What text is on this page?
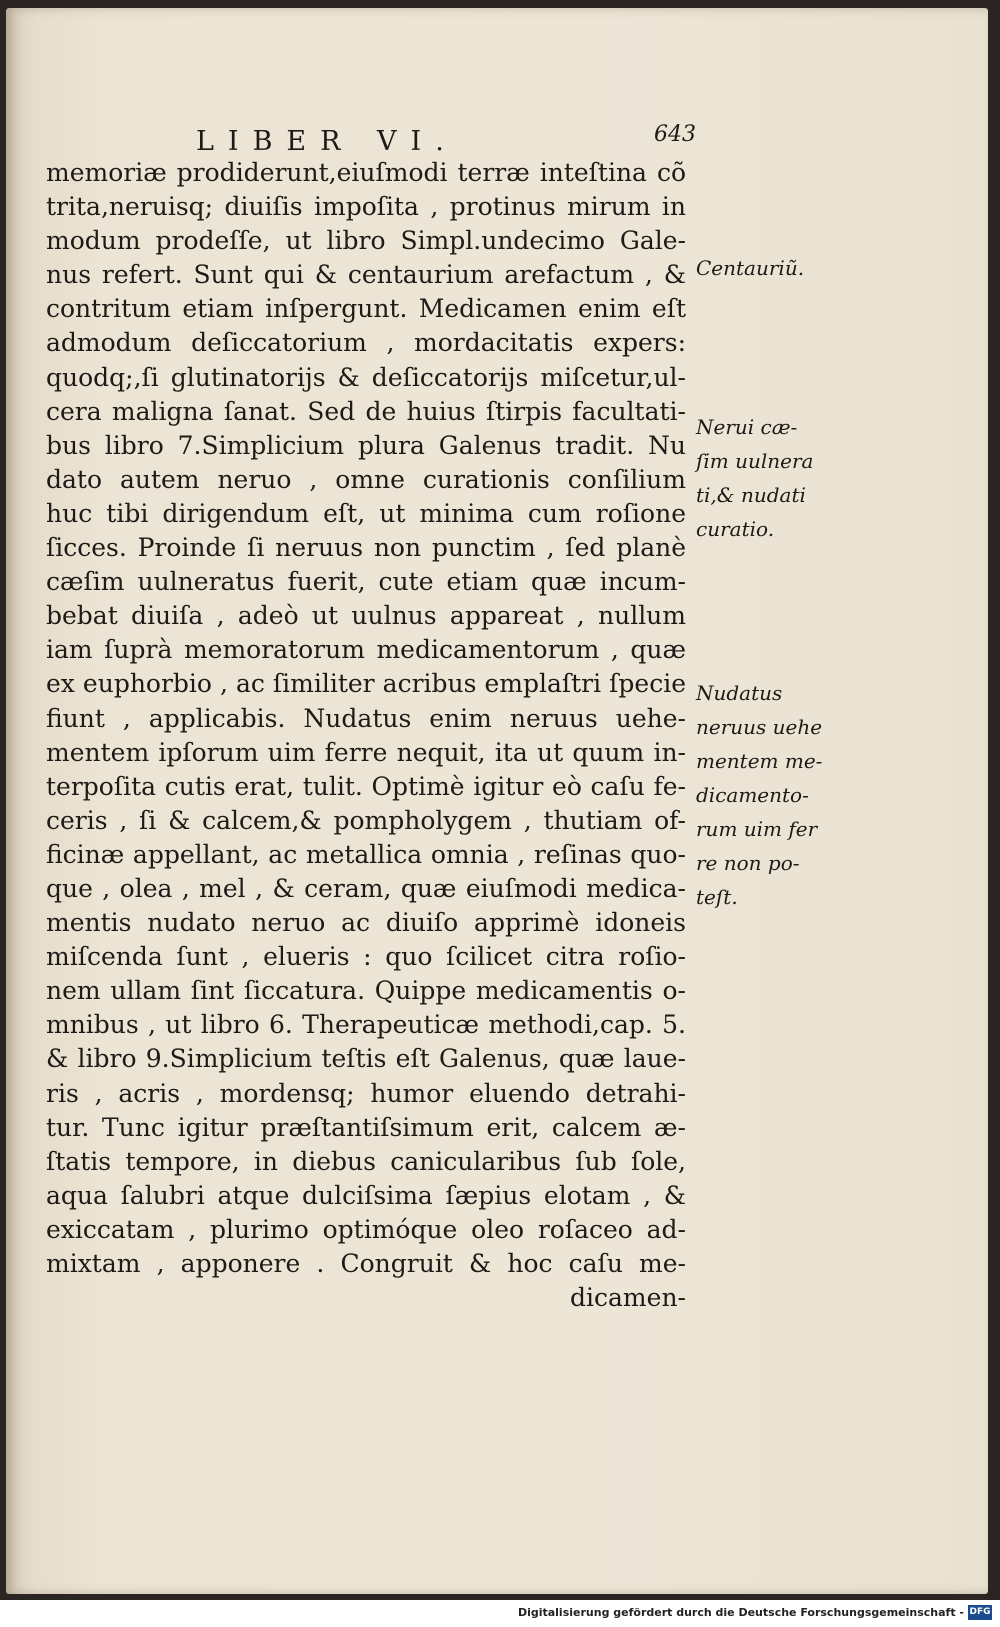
LIBER VI.	643
memoriæ prodiderunt,eiuſmodi terræ inteſtina cõ
trita,neruisq; diuiſis impoſita , protinus mirum in
modum prodeſſe, ut libro Simpl.undecimo Gale-
nus refert. Sunt qui & centaurium arefactum , &
contritum etiam inſpergunt. Medicamen enim eſt
admodum deſiccatorium , mordacitatis expers:
quodq;,ſi glutinatorijs & deſiccatorijs miſcetur,ul-
cera maligna ſanat. Sed de huius ſtirpis facultati-
bus libro 7.Simplicium plura Galenus tradit. Nu
dato autem neruo , omne curationis conſilium
huc tibi dirigendum eſt, ut minima cum roſione
ſicces. Proinde ſi neruus non punctim , ſed planè
cæſim uulneratus fuerit, cute etiam quæ incum-
bebat diuiſa , adeò ut uulnus appareat , nullum
iam ſuprà memoratorum medicamentorum , quæ
ex euphorbio , ac ſimiliter acribus emplaſtri ſpecie
fiunt , applicabis. Nudatus enim neruus uehe-
mentem ipſorum uim ferre nequit, ita ut quum in-
terpoſita cutis erat, tulit. Optimè igitur eò caſu fe-
ceris , ſi & calcem,& pompholygem , thutiam of-
ficinæ appellant, ac metallica omnia , reſinas quo-
que , olea , mel , & ceram, quæ eiuſmodi medica-
mentis nudato neruo ac diuiſo apprimè idoneis
miſcenda ſunt , elueris : quo ſcilicet citra roſio-
nem ullam ſint ſiccatura. Quippe medicamentis o-
mnibus , ut libro 6. Therapeuticæ methodi,cap. 5.
& libro 9.Simplicium teſtis eſt Galenus, quæ laue-
ris , acris , mordensq; humor eluendo detrahi-
tur. Tunc igitur præſtantiſsimum erit, calcem æ-
ſtatis tempore, in diebus canicularibus ſub ſole,
aqua ſalubri atque dulciſsima ſæpius elotam , &
exiccatam , plurimo optimóque oleo roſaceo ad-
mixtam , apponere . Congruit & hoc caſu me-
dicamen-
Centauriũ.
Nerui cæ-
ſim uulnera
ti,& nudati
curatio.
Nudatus
neruus uehe
mentem me-
dicamento-
rum uim fer
re non po-
teſt.
Digitalisierung gefördert durch die Deutsche Forschungsgemeinschaft - DFG
